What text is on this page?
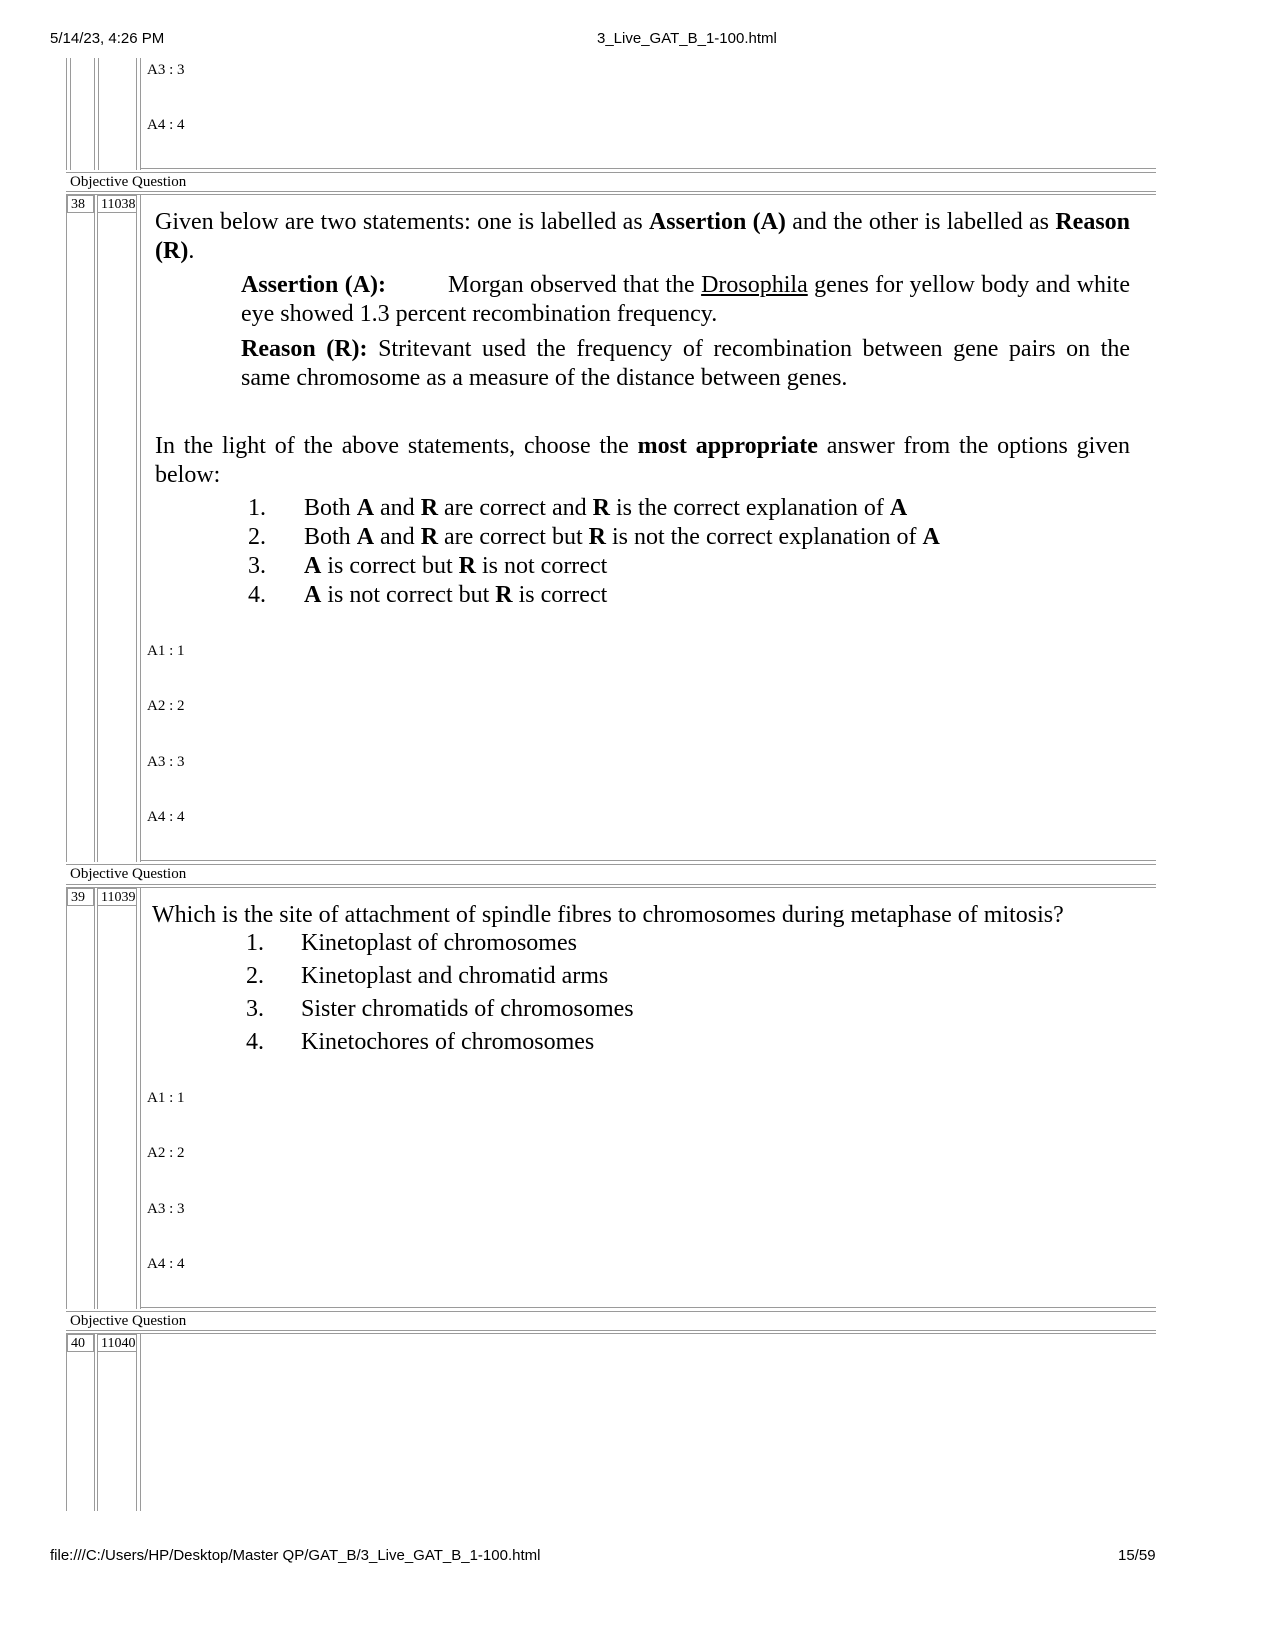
5/14/23, 4:26 PM	3_Live_GAT_B_1-100.html
file:///C:/Users/HP/Desktop/Master QP/GAT_B/3_Live_GAT_B_1-100.html	15/59
A3 : 3
A4 : 4
Objective Question
38	11038
Given below are two statements: one is labelled as Assertion (A) and the other is labelled as Reason (R).
Assertion (A):	Morgan observed that the Drosophila genes for yellow body and white eye showed 1.3 percent recombination frequency.
Reason (R): Stritevant used the frequency of recombination between gene pairs on the same chromosome as a measure of the distance between genes.
In the light of the above statements, choose the most appropriate answer from the options given below:
1. Both A and R are correct and R is the correct explanation of A
2. Both A and R are correct but R is not the correct explanation of A
3. A is correct but R is not correct
4. A is not correct but R is correct
A1 : 1
A2 : 2
A3 : 3
A4 : 4
Objective Question
39	11039
Which is the site of attachment of spindle fibres to chromosomes during metaphase of mitosis?
1. Kinetoplast of chromosomes
2. Kinetoplast and chromatid arms
3. Sister chromatids of chromosomes
4. Kinetochores of chromosomes
A1 : 1
A2 : 2
A3 : 3
A4 : 4
Objective Question
40	11040
